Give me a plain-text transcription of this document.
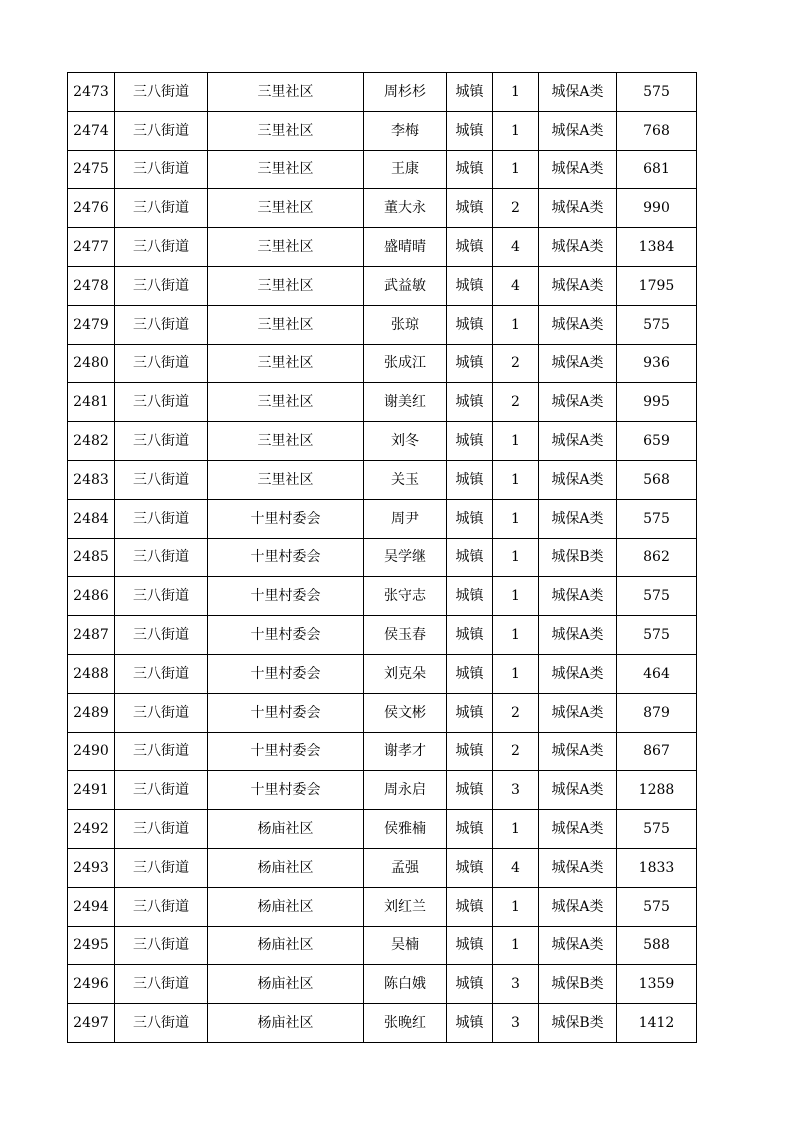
2473	三八街道	三里社区	周杉杉	城镇	1	城保A类	575
2474	三八街道	三里社区	李梅	城镇	1	城保A类	768
2475	三八街道	三里社区	王康	城镇	1	城保A类	681
2476	三八街道	三里社区	董大永	城镇	2	城保A类	990
2477	三八街道	三里社区	盛晴晴	城镇	4	城保A类	1384
2478	三八街道	三里社区	武益敏	城镇	4	城保A类	1795
2479	三八街道	三里社区	张琼	城镇	1	城保A类	575
2480	三八街道	三里社区	张成江	城镇	2	城保A类	936
2481	三八街道	三里社区	谢美红	城镇	2	城保A类	995
2482	三八街道	三里社区	刘冬	城镇	1	城保A类	659
2483	三八街道	三里社区	关玉	城镇	1	城保A类	568
2484	三八街道	十里村委会	周尹	城镇	1	城保A类	575
2485	三八街道	十里村委会	吴学继	城镇	1	城保B类	862
2486	三八街道	十里村委会	张守志	城镇	1	城保A类	575
2487	三八街道	十里村委会	侯玉春	城镇	1	城保A类	575
2488	三八街道	十里村委会	刘克朵	城镇	1	城保A类	464
2489	三八街道	十里村委会	侯文彬	城镇	2	城保A类	879
2490	三八街道	十里村委会	谢孝才	城镇	2	城保A类	867
2491	三八街道	十里村委会	周永启	城镇	3	城保A类	1288
2492	三八街道	杨庙社区	侯雅楠	城镇	1	城保A类	575
2493	三八街道	杨庙社区	孟强	城镇	4	城保A类	1833
2494	三八街道	杨庙社区	刘红兰	城镇	1	城保A类	575
2495	三八街道	杨庙社区	吴楠	城镇	1	城保A类	588
2496	三八街道	杨庙社区	陈白娥	城镇	3	城保B类	1359
2497	三八街道	杨庙社区	张晚红	城镇	3	城保B类	1412
